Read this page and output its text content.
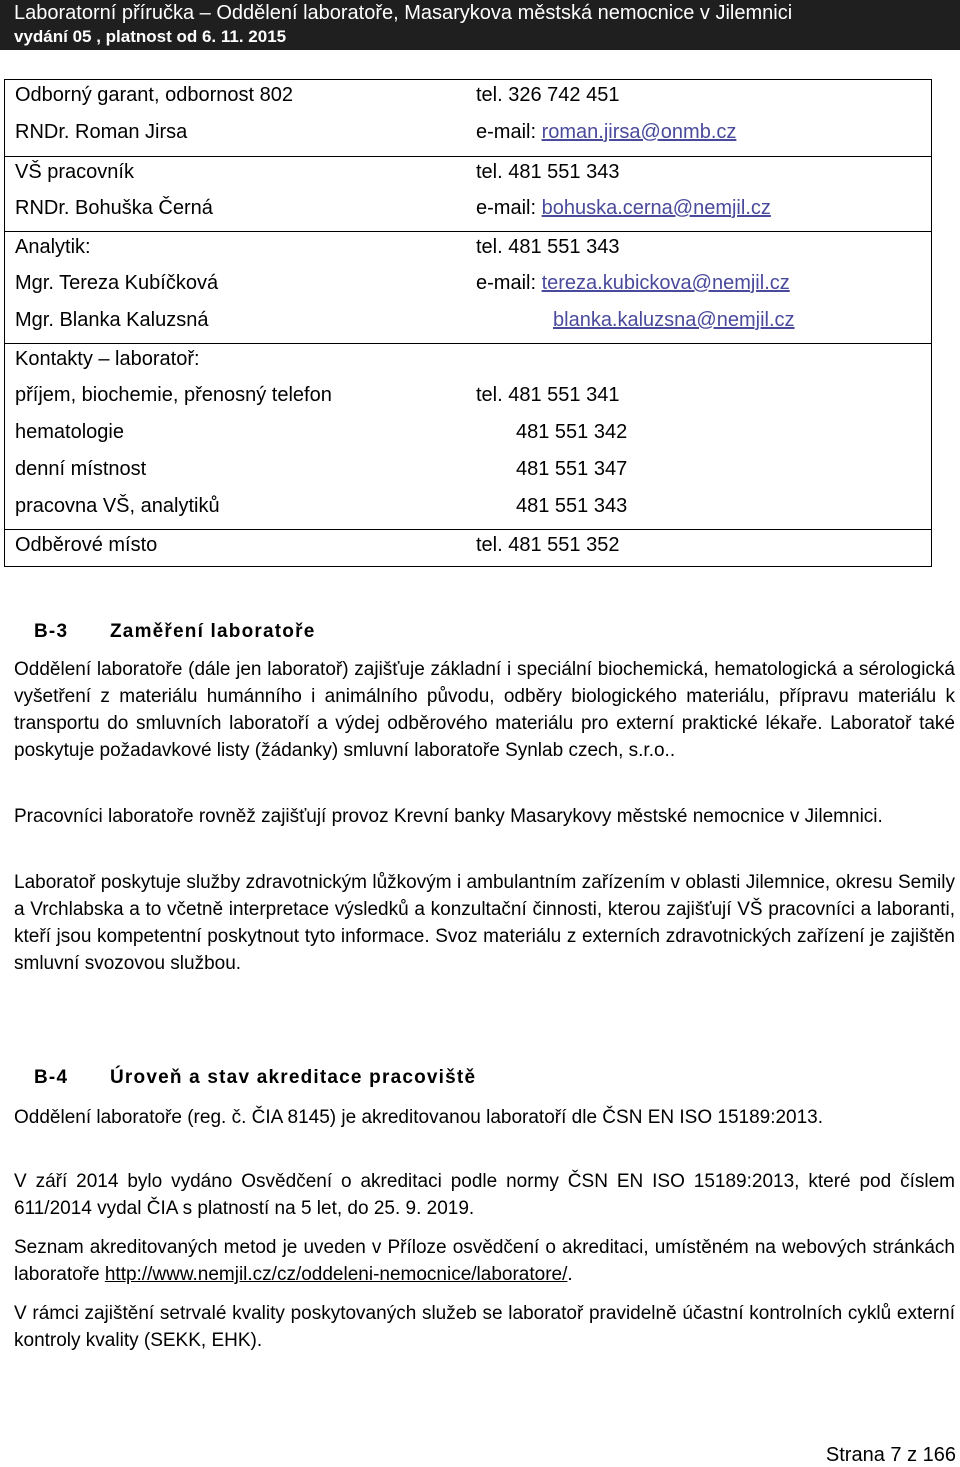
Laboratorní příručka – Oddělení laboratoře, Masarykova městská nemocnice v Jilemnici
vydání 05 , platnost od 6. 11. 2015
Odborný garant, odbornost 802	tel. 326 742 451
RNDr. Roman Jirsa	e-mail: roman.jirsa@onmb.cz
VŠ pracovník	tel. 481 551 343
RNDr. Bohuška Černá	e-mail: bohuska.cerna@nemjil.cz
Analytik:	tel. 481 551 343
Mgr. Tereza Kubíčková	e-mail: tereza.kubickova@nemjil.cz
Mgr. Blanka Kaluzsná	blanka.kaluzsna@nemjil.cz
Kontakty – laboratoř:
příjem, biochemie, přenosný telefon	tel. 481 551 341
hematologie	481 551 342
denní místnost	481 551 347
pracovna VŠ, analytiků	481 551 343
Odběrové místo	tel. 481 551 352
B-3 Zaměření laboratoře
Oddělení laboratoře (dále jen laboratoř) zajišťuje základní i speciální biochemická, hematologická a sérologická vyšetření z materiálu humánního i animálního původu, odběry biologického materiálu, přípravu materiálu k transportu do smluvních laboratoří a výdej odběrového materiálu pro externí praktické lékaře. Laboratoř také poskytuje požadavkové listy (žádanky) smluvní laboratoře Synlab czech, s.r.o..
Pracovníci laboratoře rovněž zajišťují provoz Krevní banky Masarykovy městské nemocnice v Jilemnici.
Laboratoř poskytuje služby zdravotnickým lůžkovým i ambulantním zařízením v oblasti Jilemnice, okresu Semily a Vrchlabska a to včetně interpretace výsledků a konzultační činnosti, kterou zajišťují VŠ pracovníci a laboranti, kteří jsou kompetentní poskytnout tyto informace. Svoz materiálu z externích zdravotnických zařízení je zajištěn smluvní svozovou službou.
B-4 Úroveň a stav akreditace pracoviště
Oddělení laboratoře (reg. č. ČIA 8145) je akreditovanou laboratoří dle ČSN EN ISO 15189:2013.
V září 2014 bylo vydáno Osvědčení o akreditaci podle normy ČSN EN ISO 15189:2013, které pod číslem 611/2014 vydal ČIA s platností na 5 let, do 25. 9. 2019.
Seznam akreditovaných metod je uveden v Příloze osvědčení o akreditaci, umístěném na webových stránkách laboratoře http://www.nemjil.cz/cz/oddeleni-nemocnice/laboratore/.
V rámci zajištění setrvalé kvality poskytovaných služeb se laboratoř pravidelně účastní kontrolních cyklů externí kontroly kvality (SEKK, EHK).
Strana 7 z 166
